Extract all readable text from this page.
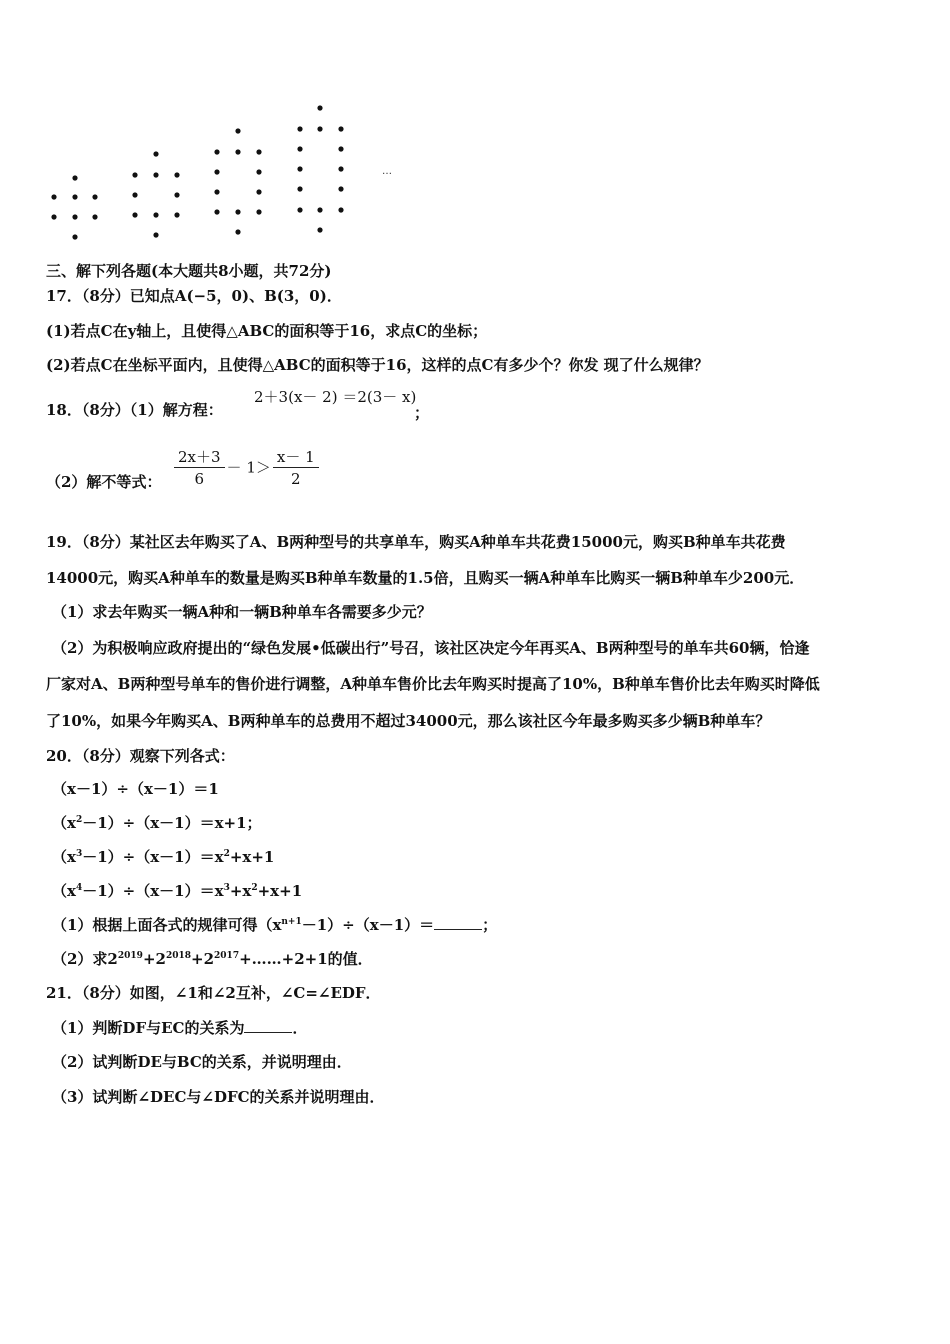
…
三、解下列各题(本大题共8小题，共72分)
17．（8分）已知点A(−5，0)、B(3，0)．
(1)若点C在y轴上，且使得△ABC的面积等于16，求点C的坐标；
(2)若点C在坐标平面内，且使得△ABC的面积等于16，这样的点C有多少个？你发 现了什么规律？
18．（8分）（1）解方程：
2＋3(x－ 2) ＝2(3－ x)
；
（2）解不等式： $\frac{2x+3}{6} - 1> \frac{x- 1}{2}$
19．（8分）某社区去年购买了A、B两种型号的共享单车，购买A种单车共花费15000元，购买B种单车共花费
14000元，购买A种单车的数量是购买B种单车数量的1.5倍，且购买一辆A种单车比购买一辆B种单车少200元．
（1）求去年购买一辆A种和一辆B种单车各需要多少元？
（2）为积极响应政府提出的“绿色发展•低碳出行”号召，该社区决定今年再买A、B两种型号的单车共60辆，恰逢
厂家对A、B两种型号单车的售价进行调整，A种单车售价比去年购买时提高了10%，B种单车售价比去年购买时降低
了10%，如果今年购买A、B两种单车的总费用不超过34000元，那么该社区今年最多购买多少辆B种单车？
20．（8分）观察下列各式：
（x－1）÷（x－1）＝1
$(x^2-1)\div(x-1)=x+1$；
$(x^3-1)\div(x-1)=x^2+x+1$
$(x^4-1)\div(x-1)=x^3+x^2+x+1$
（1）根据上面各式的规律可得$(x^{n+1}-1)\div(x-1)=$	；
（2）求$2^{2019}+2^{2018}+2^{2017}+\dots\dots+2+1$的值．
21．（8分）如图，∠1和∠2互补，∠C=∠EDF．
（1）判断DF与EC的关系为	．
（2）试判断DE与BC的关系，并说明理由．
（3）试判断∠DEC与∠DFC的关系并说明理由．
